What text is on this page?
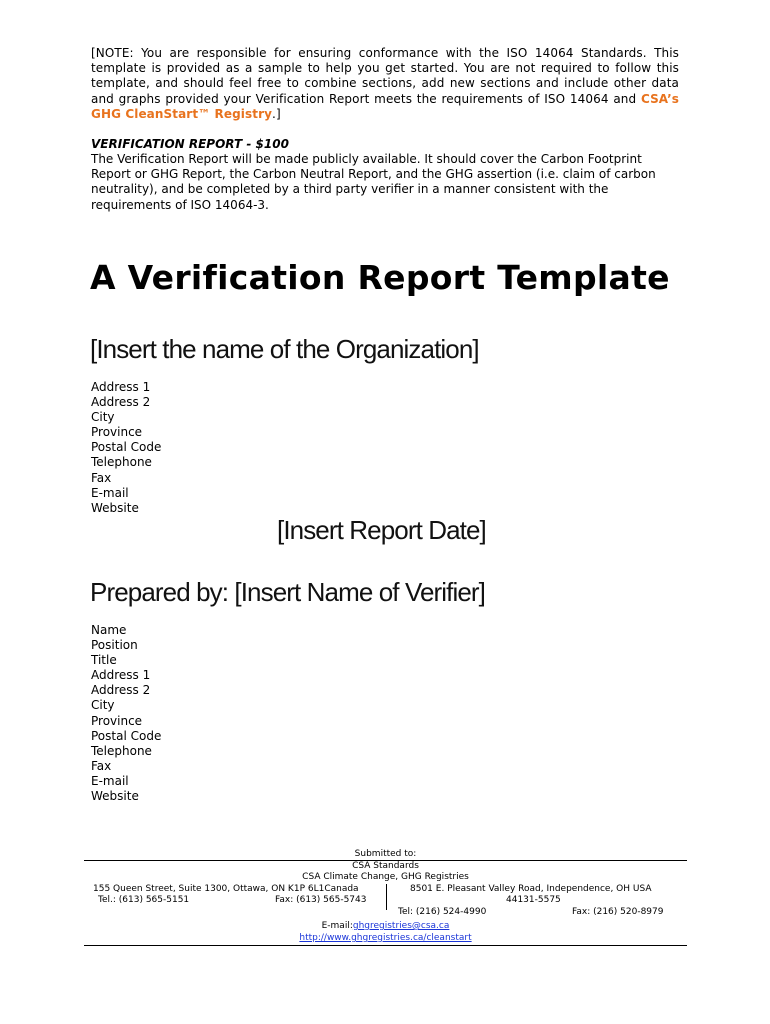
[NOTE: You are responsible for ensuring conformance with the ISO 14064 Standards. This template is provided as a sample to help you get started. You are not required to follow this template, and should feel free to combine sections, add new sections and include other data and graphs provided your Verification Report meets the requirements of ISO 14064 and CSA’s GHG CleanStart™ Registry.]
VERIFICATION REPORT - $100
The Verification Report will be made publicly available. It should cover the Carbon Footprint Report or GHG Report, the Carbon Neutral Report, and the GHG assertion (i.e. claim of carbon neutrality), and be completed by a third party verifier in a manner consistent with the requirements of ISO 14064-3.
A Verification Report Template
[Insert the name of the Organization]
Address 1
Address 2
City
Province
Postal Code
Telephone
Fax
E-mail
Website
[Insert Report Date]
Prepared by: [Insert Name of Verifier]
Name
Position
Title
Address 1
Address 2
City
Province
Postal Code
Telephone
Fax
E-mail
Website
Submitted to:
CSA Standards
CSA Climate Change, GHG Registries
155 Queen Street, Suite 1300, Ottawa, ON K1P 6L1Canada
Tel.: (613) 565-5151	Fax: (613) 565-5743
8501 E. Pleasant Valley Road, Independence, OH USA
44131-5575
Tel: (216) 524-4990	Fax: (216) 520-8979
E-mail:ghgregistries@csa.ca
http://www.ghgregistries.ca/cleanstart
